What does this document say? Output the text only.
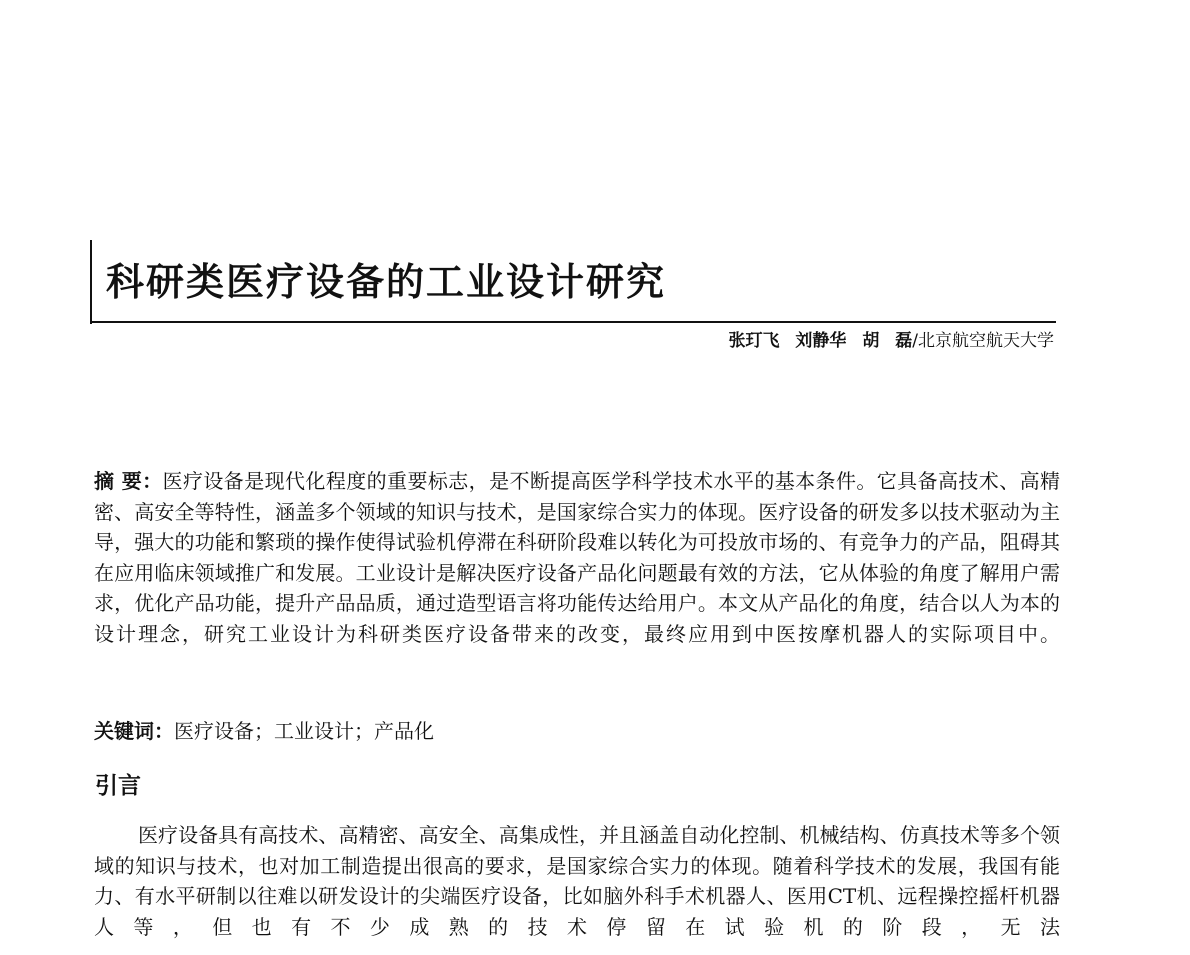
科研类医疗设备的工业设计研究
张玎飞 刘静华 胡 磊/北京航空航天大学

摘 要：医疗设备是现代化程度的重要标志，是不断提高医学科学技术水平的基本条件。它具备高技术、高精密、高安全等特性，涵盖多个领域的知识与技术，是国家综合实力的体现。医疗设备的研发多以技术驱动为主导，强大的功能和繁琐的操作使得试验机停滞在科研阶段难以转化为可投放市场的、有竞争力的产品，阻碍其在应用临床领域推广和发展。工业设计是解决医疗设备产品化问题最有效的方法，它从体验的角度了解用户需求，优化产品功能，提升产品品质，通过造型语言将功能传达给用户。本文从产品化的角度，结合以人为本的设计理念，研究工业设计为科研类医疗设备带来的改变，最终应用到中医按摩机器人的实际项目中。

关键词：医疗设备；工业设计；产品化

引言

医疗设备具有高技术、高精密、高安全、高集成性，并且涵盖自动化控制、机械结构、仿真技术等多个领域的知识与技术，也对加工制造提出很高的要求，是国家综合实力的体现。随着科学技术的发展，我国有能力、有水平研制以往难以研发设计的尖端医疗设备，比如脑外科手术机器人、医用CT机、远程操控摇杆机器人等，但也有不少成熟的技术停留在试验机的阶段，无法
